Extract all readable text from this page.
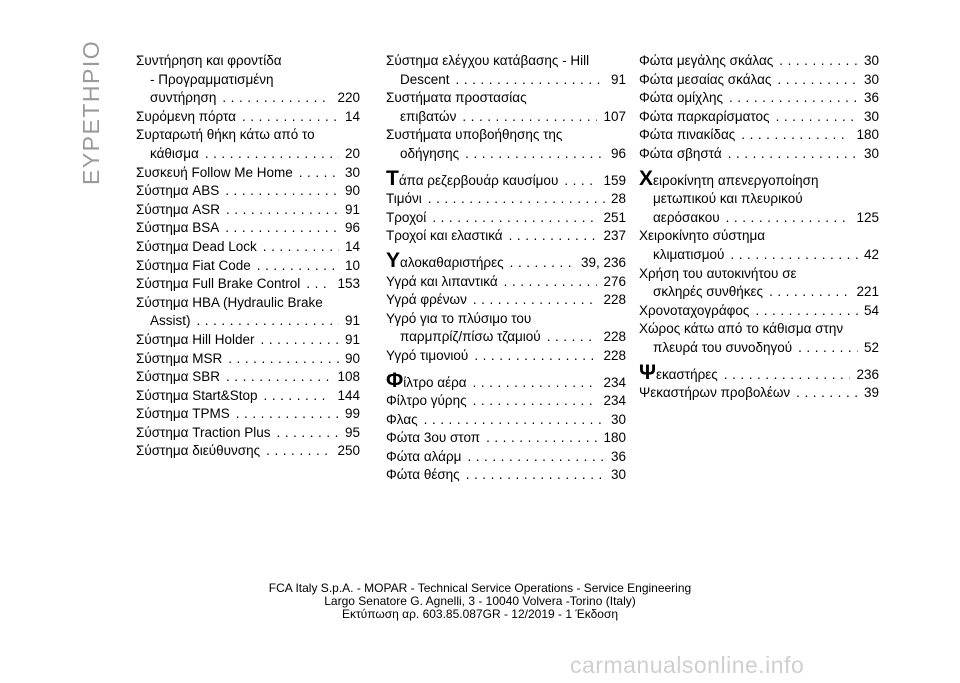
ΕΥΡΕΤΗΡΙΟ Συντήρηση και φροντίδα
- Προγραμματισμένη
συντήρηση . . .	220
Συρόμενη πόρτα . . .	14
Συρταρωτή θήκη κάτω από το
κάθισμα . . .	20
Συσκευή Follow Me Home . . .	30
Σύστημα ABS . . .	90
Σύστημα ASR . . .	91
Σύστημα BSA . . .	96
Σύστημα Dead Lock . . .	14
Σύστημα Fiat Code . . .	10
Σύστημα Full Brake Control . . .	153
Σύστημα HBA (Hydraulic Brake
Assist) . . .	91
Σύστημα Hill Holder . . .	91
Σύστημα MSR . . .	90
Σύστημα SBR . . .	108
Σύστημα Start&Stop . . .	144
Σύστημα TPMS . . .	99
Σύστημα Traction Plus . . .	95
Σύστημα διεύθυνσης . . .	250
Σύστημα ελέγχου κατάβασης - Hill
Descent . . .	91
Συστήματα προστασίας
επιβατών . . .	107
Συστήματα υποβοήθησης της
οδήγησης . . .	96
Τ άπα ρεζερβουάρ καυσίμου . . .	159
Τιμόνι . . .	28
Τροχοί . . .	251
Τροχοί και ελαστικά . . .	237
Υ αλοκαθαριστήρες . . .	39, 236
Υγρά και λιπαντικά . . .	276
Υγρά φρένων . . .	228
Υγρό για το πλύσιμο του
παρμπρίζ/πίσω τζαμιού . . .	228
Υγρό τιμονιού . . .	228
Φ ίλτρο αέρα . . .	234
Φίλτρο γύρης . . .	234
Φλας . . .	30
Φώτα 3ου στοπ . . .	180
Φώτα αλάρμ . . .	36
Φώτα θέσης . . .	30
Φώτα μεγάλης σκάλας . . .	30
Φώτα μεσαίας σκάλας . . .	30
Φώτα ομίχλης . . .	36
Φώτα παρκαρίσματος . . .	30
Φώτα πινακίδας . . .	180
Φώτα σβηστά . . .	30
Χ ειροκίνητη απενεργοποίηση
μετωπικού και πλευρικού
αερόσακου . . .	125
Χειροκίνητο σύστημα
κλιματισμού . . .	42
Χρήση του αυτοκινήτου σε
σκληρές συνθήκες . . .	221
Χρονοταχογράφος . . .	54
Χώρος κάτω από το κάθισμα στην
πλευρά του συνοδηγού . . .	52
Ψ εκαστήρες . . .	236
Ψεκαστήρων προβολέων . . .	39
FCA Italy S.p.A. - MOPAR - Technical Service Operations - Service Engineering
Largo Senatore G. Agnelli, 3 - 10040 Volvera -Torino (Italy)
Εκτύπωση αρ. 603.85.087GR - 12/2019 - 1 Έκδοση
carmanualsonline.info
